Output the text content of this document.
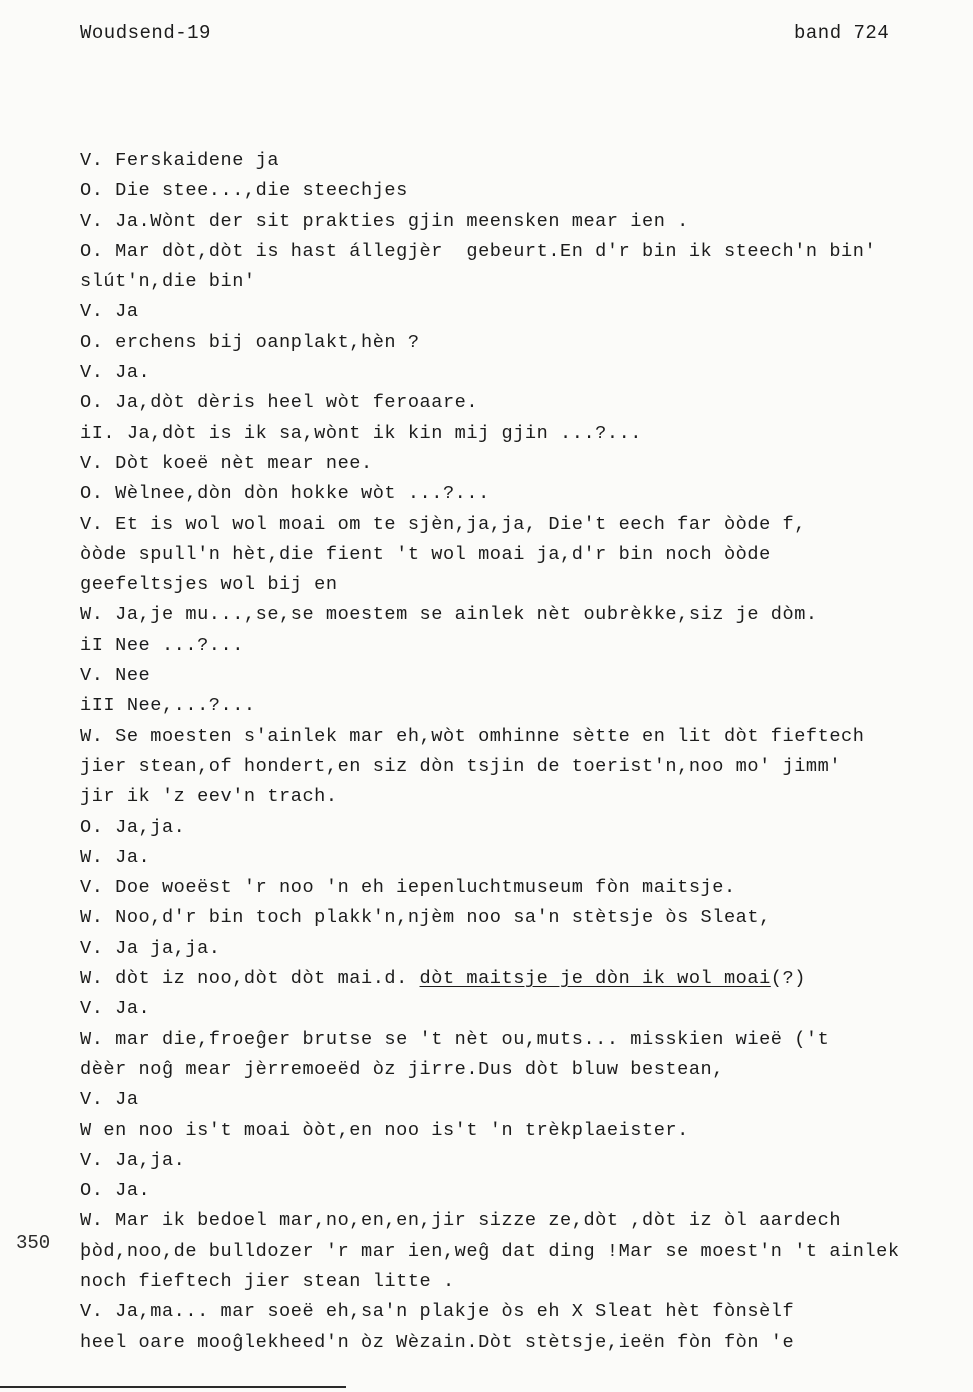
Woudsend-19	band 724
V. Ferskaidene ja
O. Die stee...,die steechjes
V. Ja.Wònt der sit prakties gjin meensken mear ien .
O. Mar dòt,dòt is hast állegjèr  gebeurt.En d'r bin ik steech'n bin'
slút'n,die bin'
V. Ja
O. erchens bij oanplakt,hèn ?
V. Ja.
O. Ja,dòt dèris heel wòt feroaare.
iI. Ja,dòt is ik sa,wònt ik kin mij gjin ...?...
V. Dòt koeë nèt mear nee.
O. Wèlnee,dòn dòn hokke wòt ...?...
V. Et is wol wol moai om te sjèn,ja,ja, Die't eech far òòde f,
òòde spull'n hèt,die fient 't wol moai ja,d'r bin noch òòde
geefeltsjes wol bij en
W. Ja,je mu...,se,se moestem se ainlek nèt oubrèkke,siz je dòm.
iI Nee ...?...
V. Nee
iII Nee,...?...
W. Se moesten s'ainlek mar eh,wòt omhinne sètte en lit dòt fieftech
jier stean,of hondert,en siz dòn tsjin de toerist'n,noo mo' jimm'
jir ik 'z eev'n trach.
O. Ja,ja.
W. Ja.
V. Doe woeëst 'r noo 'n eh iepenluchtmuseum fòn maitsje.
W. Noo,d'r bin toch plakk'n,njèm noo sa'n stètsje òs Sleat,
V. Ja ja,ja.
W. dòt iz noo,dòt dòt mai.d. dòt maitsje je dòn ik wol moai(?)
V. Ja.
W. mar die,froeĝer brutse se 't nèt ou,muts... misskien wieë ('t
dèèr noĝ mear jèrremoeëd òz jirre.Dus dòt bluw bestean,
V. Ja
W en noo is't moai òòt,en noo is't 'n trèkplaeister.
V. Ja,ja.
O. Ja.
W. Mar ik bedoel mar,no,en,en,jir sizze ze,dòt ,dòt iz òl aardech
þòd,noo,de bulldozer 'r mar ien,weĝ dat ding !Mar se moest'n 't ainlek
noch fieftech jier stean litte .
V. Ja,ma... mar soeë eh,sa'n plakje òs eh X Sleat hèt fònsèlf
heel oare mooĝlekheed'n òz Wèzain.Dòt stètsje,ieën fòn fòn 'e
350
